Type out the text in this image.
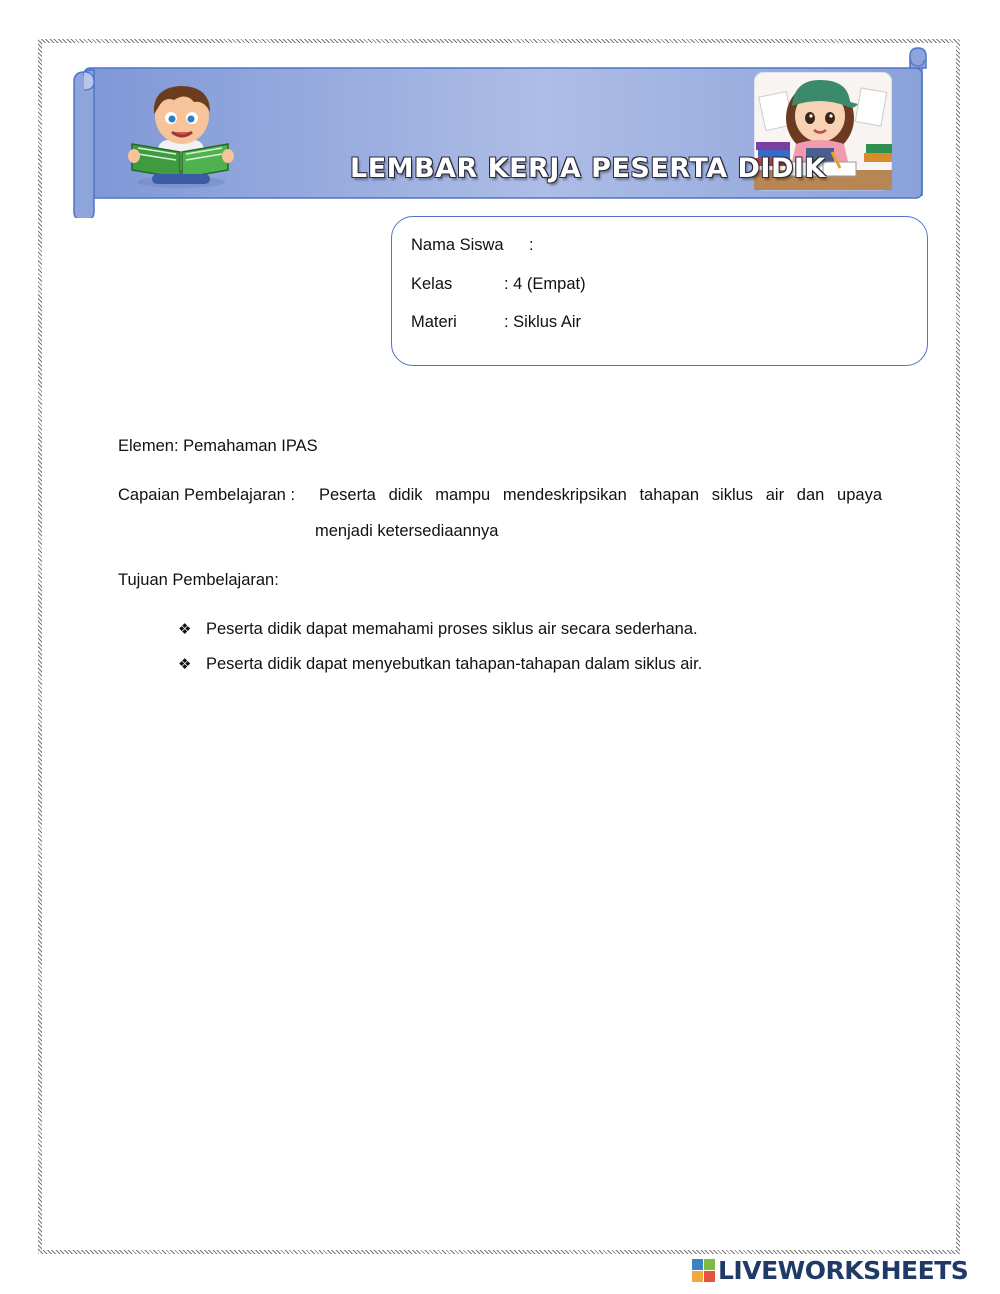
LEMBAR KERJA PESERTA DIDIK
Nama Siswa :
Kelas	: 4 (Empat)
Materi	: Siklus Air
Elemen: Pemahaman IPAS
Capaian Pembelajaran : Peserta didik mampu mendeskripsikan tahapan siklus air dan upaya
menjadi ketersediaannya
Tujuan Pembelajaran:
❖ Peserta didik dapat memahami proses siklus air secara sederhana.
❖ Peserta didik dapat menyebutkan tahapan-tahapan dalam siklus air.
LIVEWORKSHEETS
